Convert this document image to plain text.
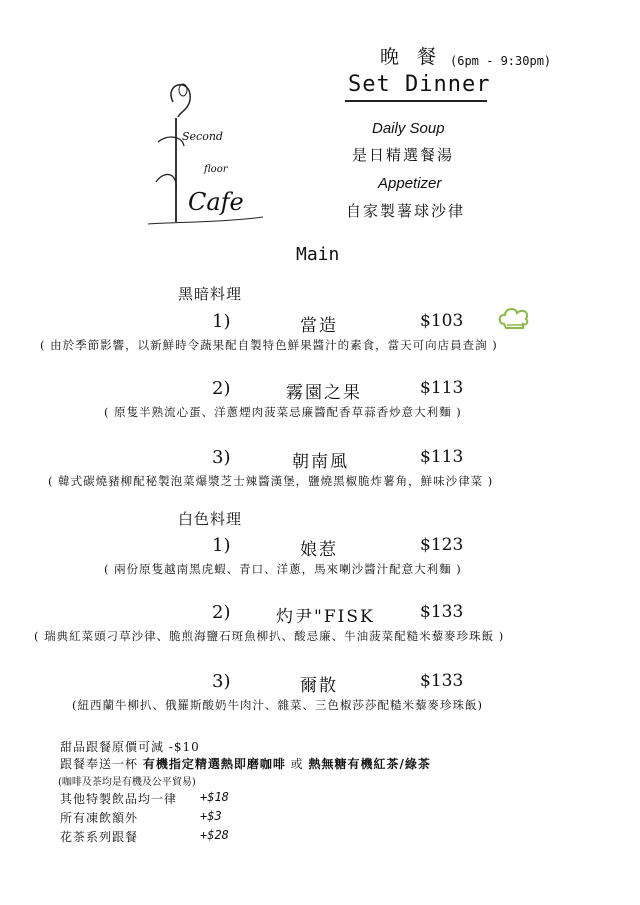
Second
floor
Cafe
晚 餐 (6pm - 9:30pm)
Set Dinner
Daily Soup
是日精選餐湯
Appetizer
自家製薯球沙律
Main
黑暗料理
1)	當造	$103
( 由於季節影響，以新鮮時令蔬果配自製特色鮮果醬汁的素食，當天可向店員查詢 )
2)	霧園之果	$113
( 原隻半熟流心蛋、洋蔥煙肉菠菜忌廉醬配香草蒜香炒意大利麵 )
3)	朝南風	$113
( 韓式碳燒豬柳配秘製泡菜爆漿芝士辣醬漢堡，鹽燒黑椒脆炸薯角，鮮味沙律菜 )
白色料理
1)	娘惹	$123
( 兩份原隻越南黑虎蝦、青口、洋蔥，馬來喇沙醬汁配意大利麵 )
2)	灼尹"FISK	$133
( 瑞典紅菜頭刁草沙律、脆煎海鹽石斑魚柳扒、酸忌廉、牛油菠菜配糙米藜麥珍珠飯 )
3)	爾散	$133
(紐西蘭牛柳扒、俄羅斯酸奶牛肉汁、雜菜、三色椒莎莎配糙米藜麥珍珠飯)
甜品跟餐原價可減 -$10
跟餐奉送一杯 有機指定精選熱即磨咖啡 或 熱無糖有機紅茶/綠茶
(咖啡及茶均是有機及公平貿易)
其他特製飲品均一律 +$18
所有凍飲額外	+$3
花茶系列跟餐	+$28
